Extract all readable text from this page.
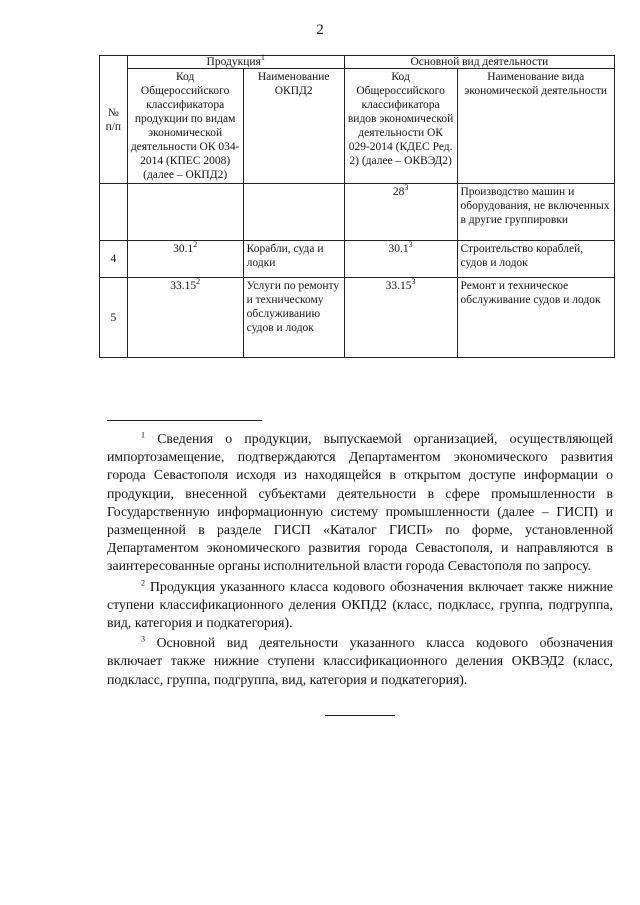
2
№ п/п	Продукция$^1$		Основной вид деятельности	
	Код Общероссийского классификатора продукции по видам экономической деятельности ОК 034-2014 (КПЕС 2008) (далее – ОКПД2)	Наименование ОКПД2	Код Общероссийского классификатора видов экономической деятельности ОК 029-2014 (КДЕС Ред. 2) (далее – ОКВЭД2)	Наименование вида экономической деятельности
			$28^3$	Производство машин и оборудования, не включенных в другие группировки
4	30.1$^2$	Корабли, суда и лодки	30.1$^3$	Строительство кораблей, судов и лодок
5	33.15$^2$	Услуги по ремонту и техническому обслуживанию судов и лодок	33.15$^3$	Ремонт и техническое обслуживание судов и лодок

$^1$ Сведения о продукции, выпускаемой организацией, осуществляющей импортозамещение, подтверждаются Департаментом экономического развития города Севастополя исходя из находящейся в открытом доступе информации о продукции, внесенной субъектами деятельности в сфере промышленности в Государственную информационную систему промышленности (далее – ГИСП) и размещенной в разделе ГИСП «Каталог ГИСП» по форме, установленной Департаментом экономического развития города Севастополя, и направляются в заинтересованные органы исполнительной власти города Севастополя по запросу.

$^2$ Продукция указанного класса кодового обозначения включает также нижние ступени классификационного деления ОКПД2 (класс, подкласс, группа, подгруппа, вид, категория и подкатегория).

$^3$ Основной вид деятельности указанного класса кодового обозначения включает также нижние ступени классификационного деления ОКВЭД2 (класс, подкласс, группа, подгруппа, вид, категория и подкатегория).
